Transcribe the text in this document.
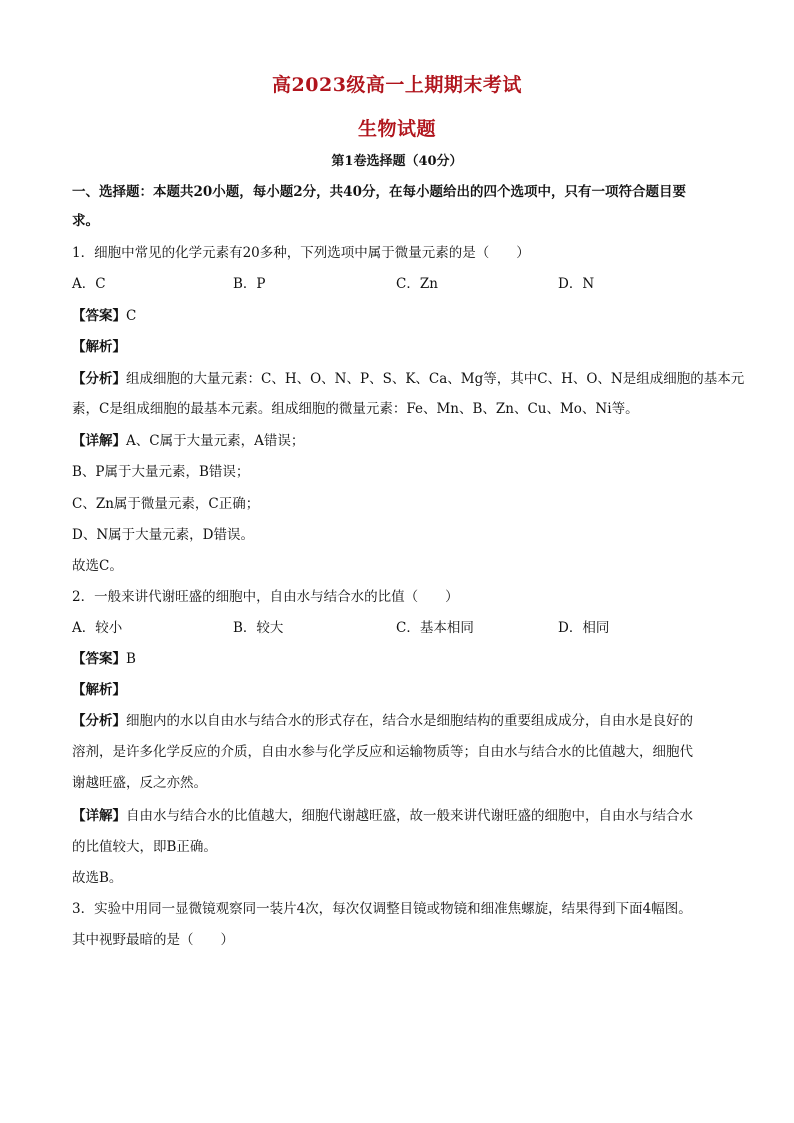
高2023级高一上期期末考试
生物试题
第1卷选择题（40分）
一、选择题：本题共20小题，每小题2分，共40分，在每小题给出的四个选项中，只有一项符合题目要
求。
1．细胞中常见的化学元素有20多种，下列选项中属于微量元素的是（　　）
A．C	B．P	C．Zn	D．N
【答案】C
【解析】
【分析】组成细胞的大量元素：C、H、O、N、P、S、K、Ca、Mg等，其中C、H、O、N是组成细胞的基本元
素，C是组成细胞的最基本元素。组成细胞的微量元素：Fe、Mn、B、Zn、Cu、Mo、Ni等。
【详解】A、C属于大量元素，A错误；
B、P属于大量元素，B错误；
C、Zn属于微量元素，C正确；
D、N属于大量元素，D错误。
故选C。
2．一般来讲代谢旺盛的细胞中，自由水与结合水的比值（　　）
A．较小	B．较大	C．基本相同	D．相同
【答案】B
【解析】
【分析】细胞内的水以自由水与结合水的形式存在，结合水是细胞结构的重要组成成分，自由水是良好的
溶剂，是许多化学反应的介质，自由水参与化学反应和运输物质等；自由水与结合水的比值越大，细胞代
谢越旺盛，反之亦然。
【详解】自由水与结合水的比值越大，细胞代谢越旺盛，故一般来讲代谢旺盛的细胞中，自由水与结合水
的比值较大，即B正确。
故选B。
3．实验中用同一显微镜观察同一装片4次，每次仅调整目镜或物镜和细准焦螺旋，结果得到下面4幅图。
其中视野最暗的是（　　）
